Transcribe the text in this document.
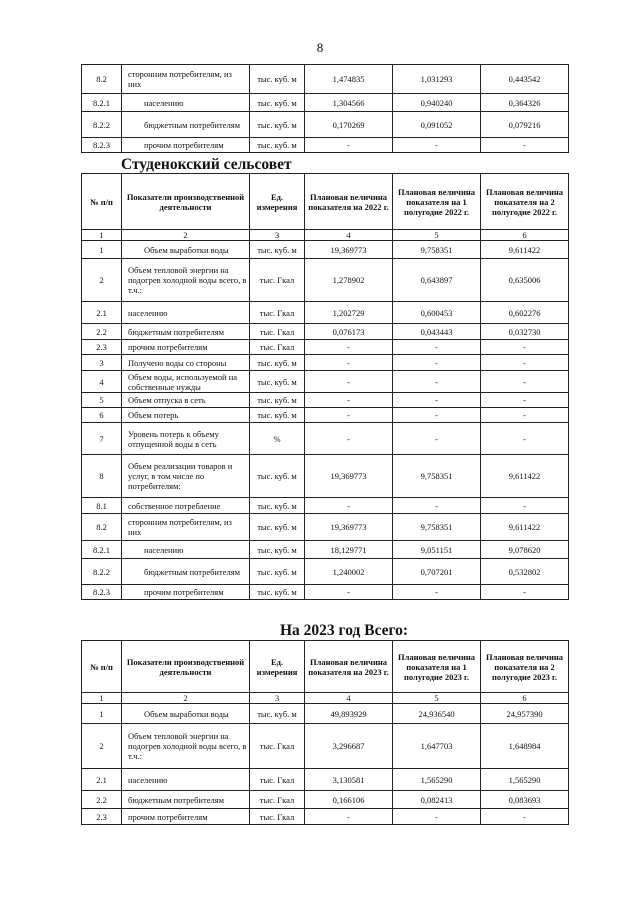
8
8.2	сторонним потребителям, из них	тыс. куб. м	1,474835	1,031293	0,443542
8.2.1	населению	тыс. куб. м	1,304566	0,940240	0,364326
8.2.2	бюджетным потребителям	тыс. куб. м	0,170269	0,091052	0,079216
8.2.3	прочим потребителям	тыс. куб. м	-	-	-
Студенокский сельсовет
№ п/п	Показатели производственной деятельности	Ед. измерения	Плановая величина показателя на 2022 г.	Плановая величина показателя на 1 полугодие 2022 г.	Плановая величина показателя на 2 полугодие 2022 г.
1	2	3	4	5	6
1	Объем выработки воды	тыс. куб. м	19,369773	9,758351	9,611422
2	Объем тепловой энергии на подогрев холодной воды всего, в т.ч.:	тыс. Гкал	1,278902	0,643897	0,635006
2.1	населению	тыс. Гкал	1,202729	0,600453	0,602276
2.2	бюджетным потребителям	тыс. Гкал	0,076173	0,043443	0,032730
2.3	прочим потребителям	тыс. Гкал	-	-	-
3	Получено воды со стороны	тыс. куб. м	-	-	-
4	Объем воды, используемой на собственные нужды	тыс. куб. м	-	-	-
5	Объем отпуска в сеть	тыс. куб. м	-	-	-
6	Объем потерь	тыс. куб. м	-	-	-
7	Уровень потерь к объему отпущенной воды в сеть	%	-	-	-
8	Объем реализации товаров и услуг, в том числе по потребителям:	тыс. куб. м	19,369773	9,758351	9,611422
8.1	собственное потребление	тыс. куб. м	-	-	-
8.2	сторонним потребителям, из них	тыс. куб. м	19,369773	9,758351	9,611422
8.2.1	населению	тыс. куб. м	18,129771	9,051151	9,078620
8.2.2	бюджетным потребителям	тыс. куб. м	1,240002	0,707201	0,532802
8.2.3	прочим потребителям	тыс. куб. м	-	-	-
На 2023 год Всего:
№ п/п	Показатели производственной деятельности	Ед. измерения	Плановая величина показателя на 2023 г.	Плановая величина показателя на 1 полугодие 2023 г.	Плановая величина показателя на 2 полугодие 2023 г.
1	2	3	4	5	6
1	Объем выработки воды	тыс. куб. м	49,893929	24,936540	24,957390
2	Объем тепловой энергии на подогрев холодной воды всего, в т.ч.:	тыс. Гкал	3,296687	1,647703	1,648984
2.1	населению	тыс. Гкал	3,130581	1,565290	1,565290
2.2	бюджетным потребителям	тыс. Гкал	0,166106	0,082413	0,083693
2.3	прочим потребителям	тыс. Гкал	-	-	-
